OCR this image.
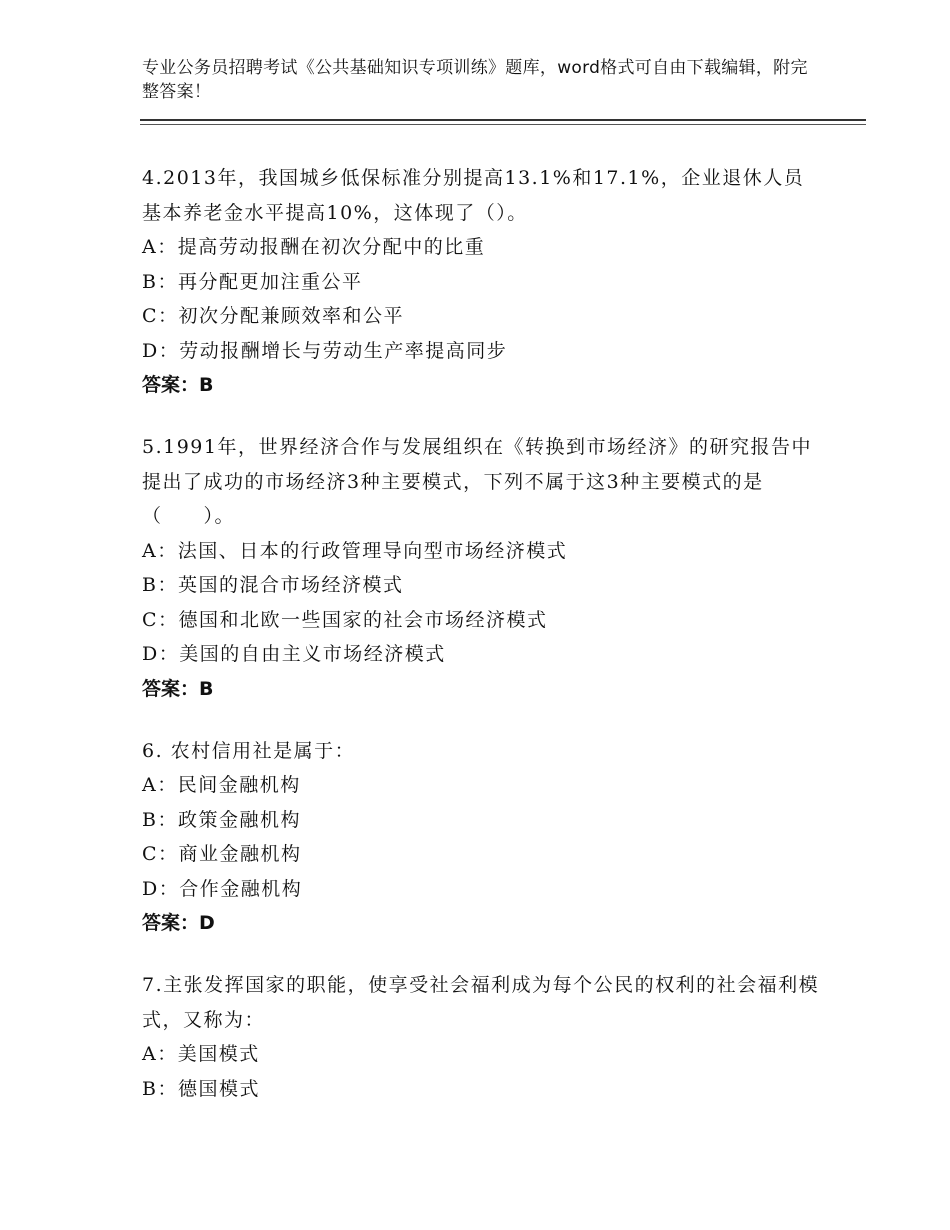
专业公务员招聘考试《公共基础知识专项训练》题库，word格式可自由下载编辑，附完整答案！

4.2013年，我国城乡低保标准分别提高13.1%和17.1%，企业退休人员基本养老金水平提高10%，这体现了（）。

A：提高劳动报酬在初次分配中的比重

B：再分配更加注重公平

C：初次分配兼顾效率和公平

D：劳动报酬增长与劳动生产率提高同步

答案：B

5.1991年，世界经济合作与发展组织在《转换到市场经济》的研究报告中提出了成功的市场经济3种主要模式，下列不属于这3种主要模式的是（　　）。

A：法国、日本的行政管理导向型市场经济模式

B：英国的混合市场经济模式

C：德国和北欧一些国家的社会市场经济模式

D：美国的自由主义市场经济模式

答案：B

6. 农村信用社是属于：

A：民间金融机构

B：政策金融机构

C：商业金融机构

D：合作金融机构

答案：D

7.主张发挥国家的职能，使享受社会福利成为每个公民的权利的社会福利模式，又称为：

A：美国模式

B：德国模式
